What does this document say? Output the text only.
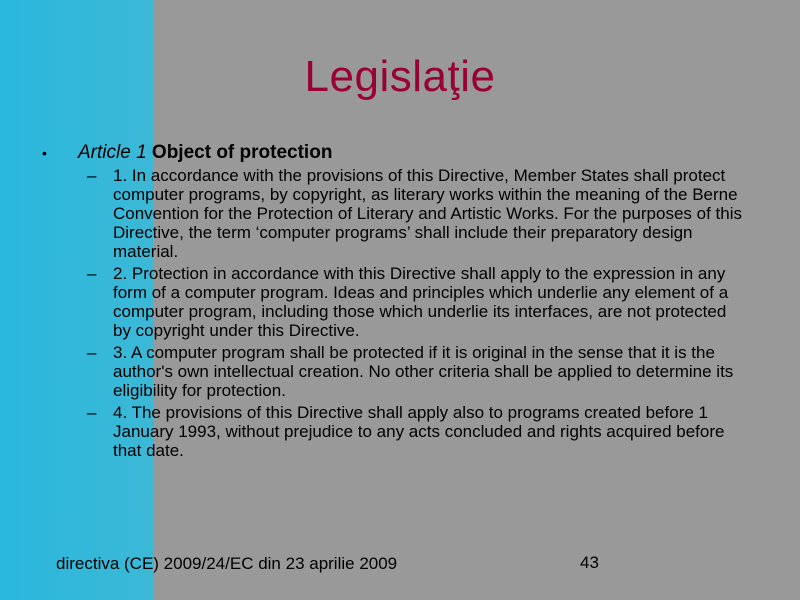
Legislaţie
• Article 1 Object of protection
– 1. In accordance with the provisions of this Directive, Member States shall protect computer programs, by copyright, as literary works within the meaning of the Berne Convention for the Protection of Literary and Artistic Works. For the purposes of this Directive, the term ‘computer programs’ shall include their preparatory design material.
– 2. Protection in accordance with this Directive shall apply to the expression in any form of a computer program. Ideas and principles which underlie any element of a computer program, including those which underlie its interfaces, are not protected by copyright under this Directive.
– 3. A computer program shall be protected if it is original in the sense that it is the author's own intellectual creation. No other criteria shall be applied to determine its eligibility for protection.
– 4. The provisions of this Directive shall apply also to programs created before 1 January 1993, without prejudice to any acts concluded and rights acquired before that date.
directiva (CE) 2009/24/EC din 23 aprilie 2009	43
